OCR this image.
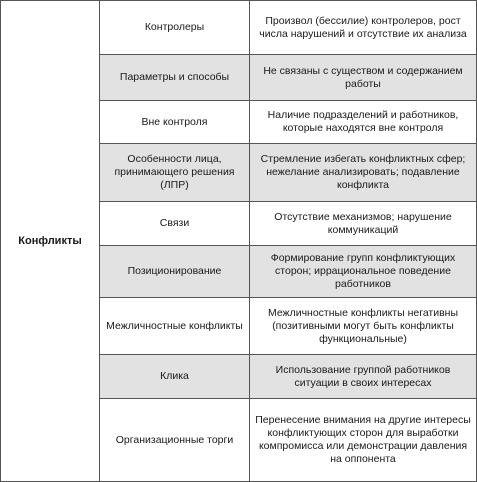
Конфликты	Контролеры	Произвол (бессилие) контролеров, рост числа нарушений и отсутствие их анализа
	Параметры и способы	Не связаны с существом и содержанием работы
	Вне контроля	Наличие подразделений и работников, которые находятся вне контроля
	Особенности лица, принимающего решения (ЛПР)	Стремление избегать конфликтных сфер; нежелание анализировать; подавление конфликта
	Связи	Отсутствие механизмов; нарушение коммуникаций
	Позиционирование	Формирование групп конфликтующих сторон; иррациональное поведение работников
	Межличностные конфликты	Межличностные конфликты негативны (позитивными могут быть конфликты функциональные)
	Клика	Использование группой работников ситуации в своих интересах
	Организационные торги	Перенесение внимания на другие интересы конфликтующих сторон для выработки компромисса или демонстрации давления на оппонента
